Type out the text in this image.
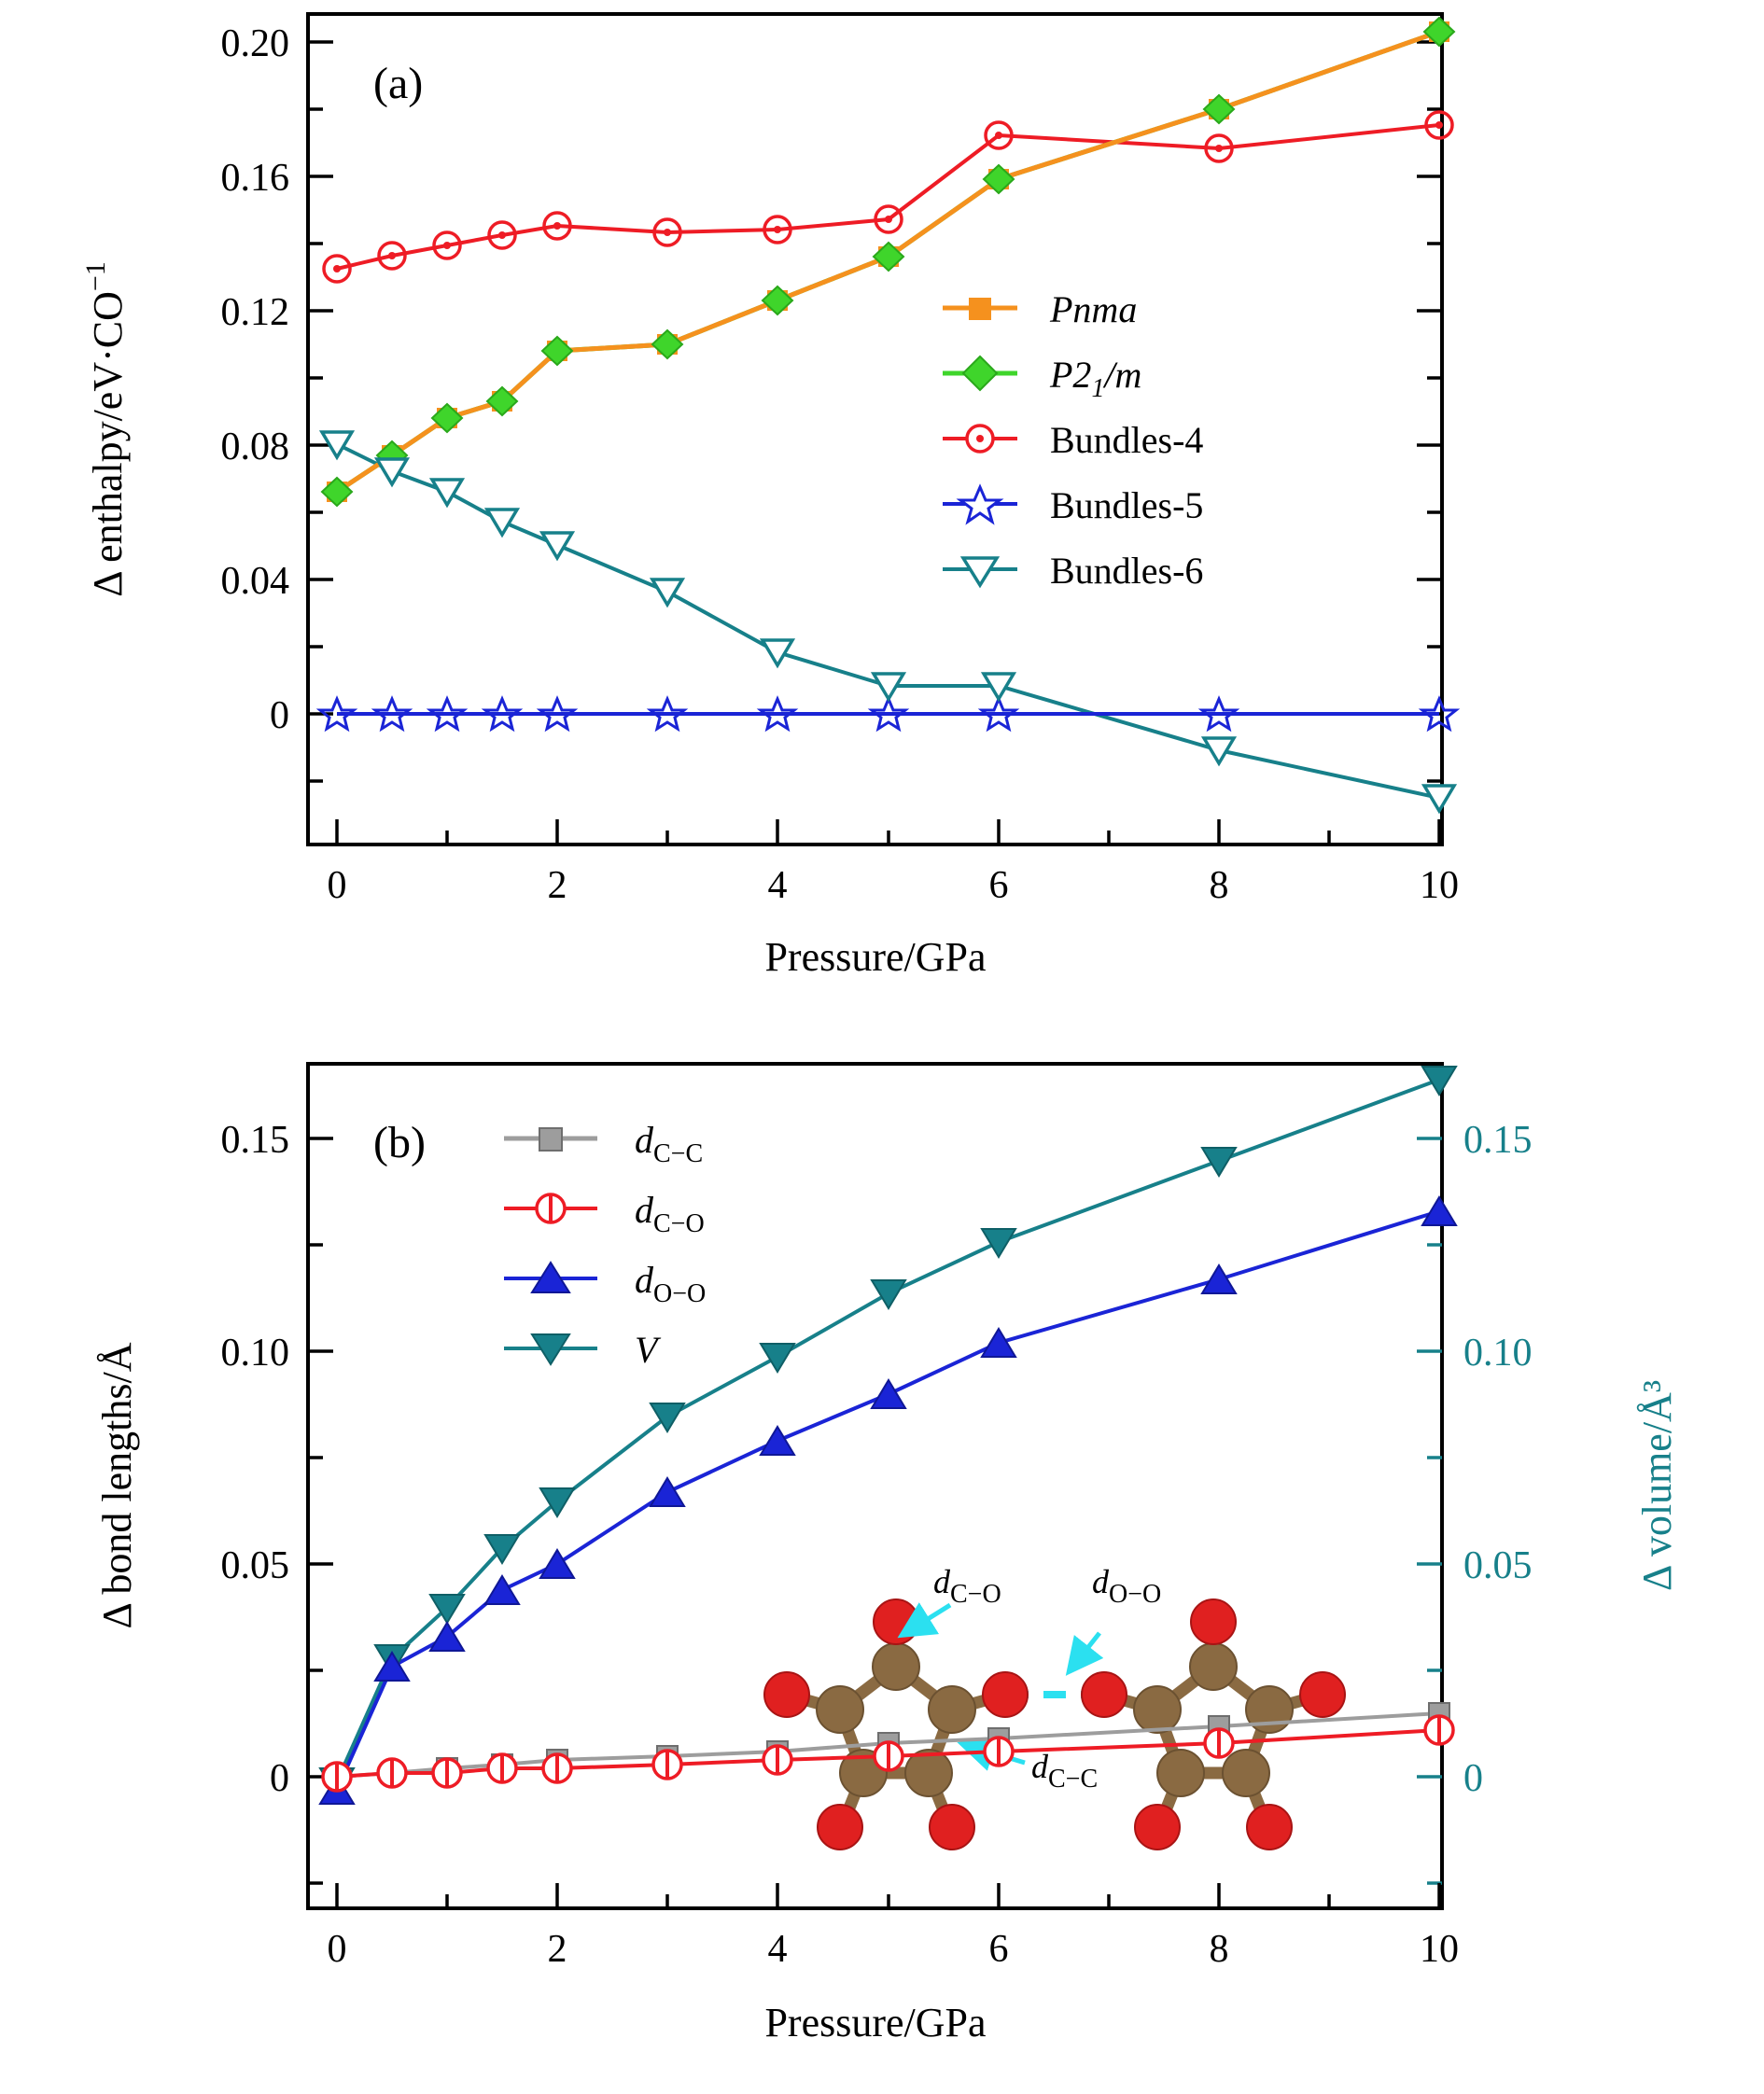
(a)
0.20
0.16
0.12
0.08
0.04
0
0	2	4	6	8	10
Pressure/GPa
Δ enthalpy/$eV\cdot CO^{-1}$
Pnma
$P2_1/m$
Bundles-4
Bundles-5
Bundles-6
$d_{C-O}$	$d_{O-O}$
$d_{C-C}$
(b)	$d_{C-C}$
$d_{C-O}$
$d_{O-O}$
V
0.15
0.10
0.05
0
0.15
0.10
0.05
0
0	2	4	6	8	10
Pressure/GPa
Δ bond lengths/Å	Δ volume/Å³
